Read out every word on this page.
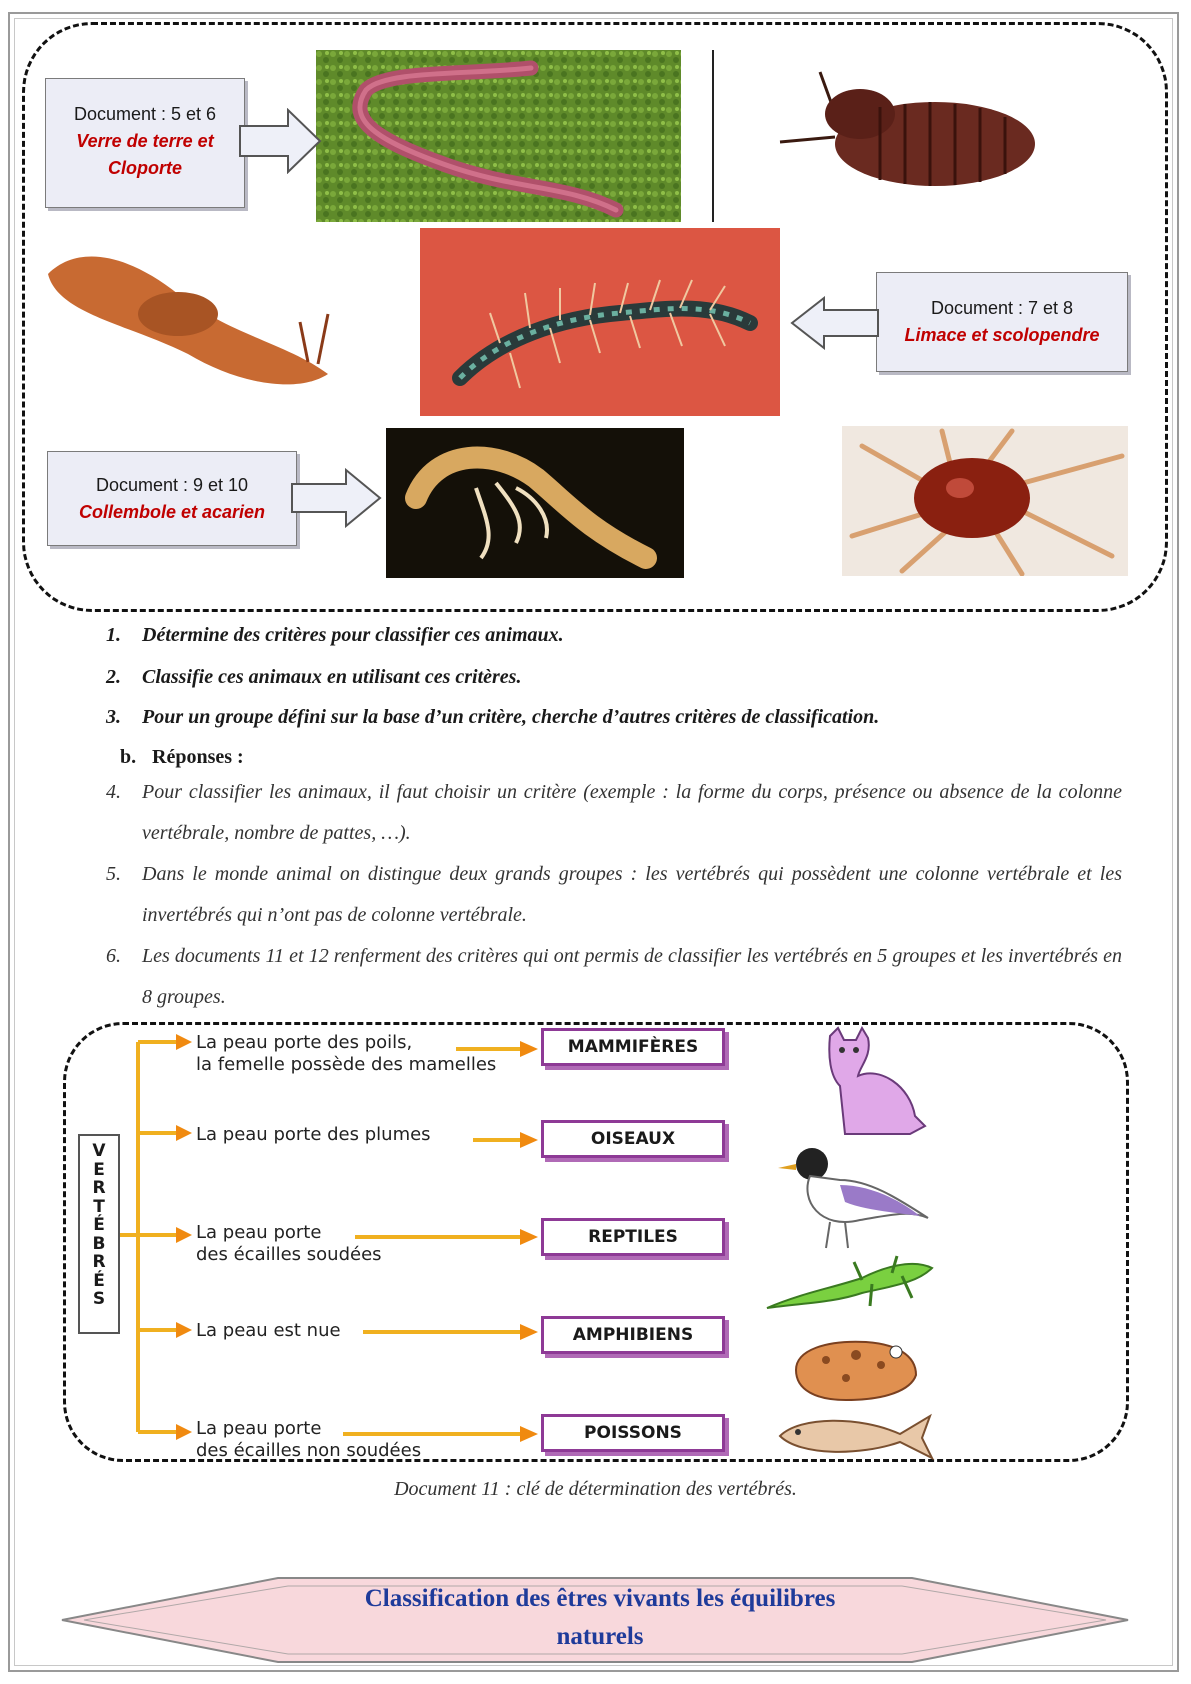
Document : 5 et 6
Verre de terre et Cloporte
Document : 7 et 8
Limace et scolopendre
Document : 9 et 10
Collembole et acarien
1. Détermine des critères pour classifier ces animaux.
2. Classifie ces animaux en utilisant ces critères.
3. Pour un groupe défini sur la base d’un critère, cherche d’autres critères de classification.
b. Réponses :
4. Pour classifier les animaux, il faut choisir un critère (exemple : la forme du corps, présence ou absence de la colonne vertébrale, nombre de pattes, …).
5. Dans le monde animal on distingue deux grands groupes : les vertébrés qui possèdent une colonne vertébrale et les invertébrés qui n’ont pas de colonne vertébrale.
6. Les documents 11 et 12 renferment des critères qui ont permis de classifier les vertébrés en 5 groupes et les invertébrés en 8 groupes.
VERTÉBRÉS
La peau porte des poils,
la femelle possède des mamelles
La peau porte des plumes
La peau porte
des écailles soudées
La peau est nue
La peau porte
des écailles non soudées
MAMMIFÈRES
OISEAUX
REPTILES
AMPHIBIENS
POISSONS
Document 11 : clé de détermination des vertébrés.
Classification des êtres vivants les équilibres
naturels
